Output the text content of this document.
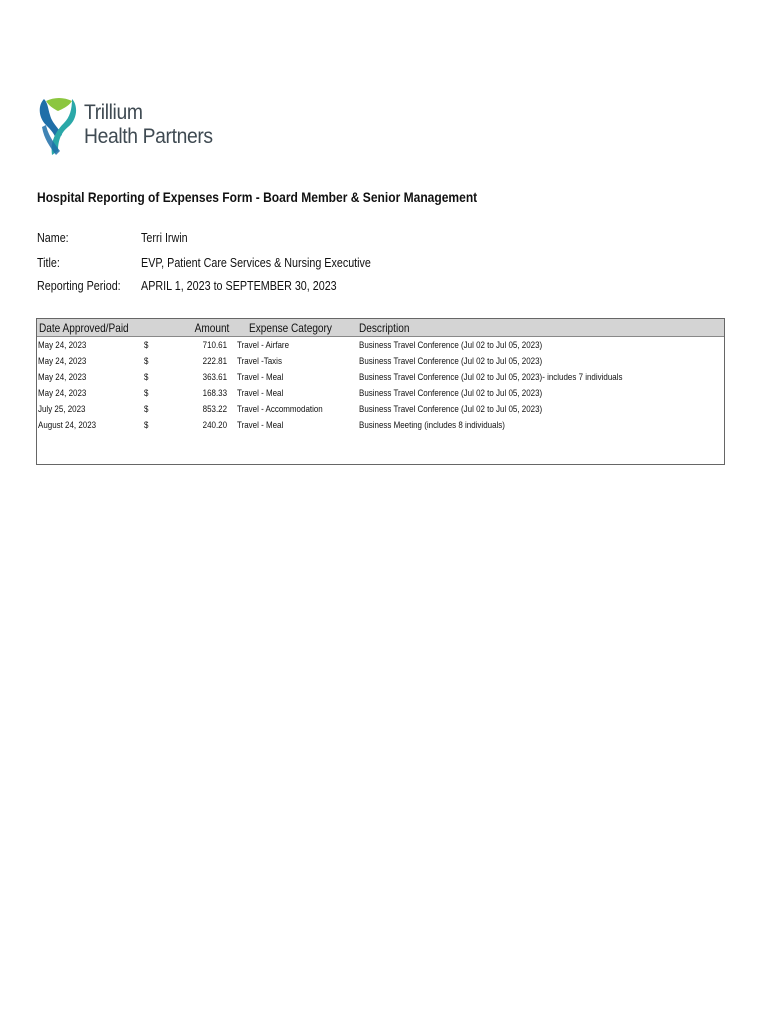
Trillium
Health Partners
Hospital Reporting of Expenses Form - Board Member & Senior Management
Name:	Terri Irwin
Title:	EVP, Patient Care Services & Nursing Executive
Reporting Period: APRIL 1, 2023 to SEPTEMBER 30, 2023
Date Approved/Paid	Amount Expense Category Description
May 24, 2023	$	710.61 Travel - Airfare	Business Travel Conference (Jul 02 to Jul 05, 2023)
May 24, 2023	$	222.81 Travel -Taxis	Business Travel Conference (Jul 02 to Jul 05, 2023)
May 24, 2023	$	363.61 Travel - Meal	Business Travel Conference (Jul 02 to Jul 05, 2023)- includes 7 individuals
May 24, 2023	$	168.33 Travel - Meal	Business Travel Conference (Jul 02 to Jul 05, 2023)
July 25, 2023	$	853.22 Travel - Accommodation	Business Travel Conference (Jul 02 to Jul 05, 2023)
August 24, 2023	$	240.20 Travel - Meal	Business Meeting (includes 8 individuals)
